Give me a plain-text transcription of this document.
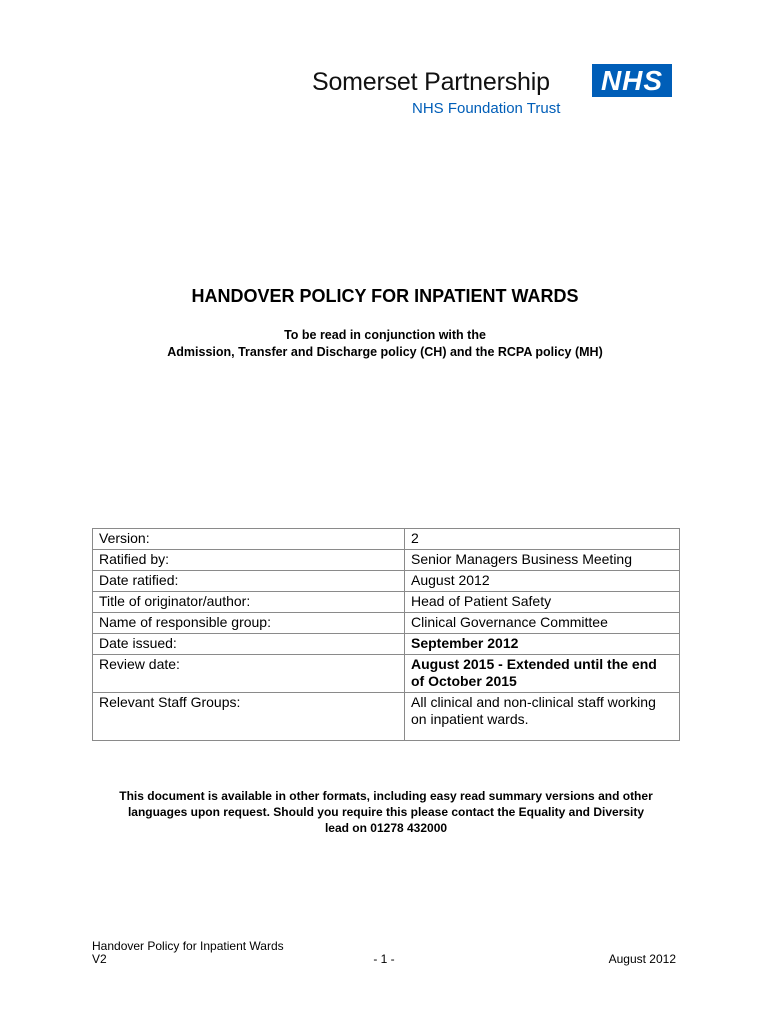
Somerset Partnership
NHS Foundation Trust
NHS
HANDOVER POLICY FOR INPATIENT WARDS
To be read in conjunction with the
Admission, Transfer and Discharge policy (CH) and the RCPA policy (MH)
Version:	2
Ratified by:	Senior Managers Business Meeting
Date ratified:	August 2012
Title of originator/author:	Head of Patient Safety
Name of responsible group:	Clinical Governance Committee
Date issued:	September 2012
Review date:	August 2015 - Extended until the end of October 2015
Relevant Staff Groups:	All clinical and non-clinical staff working on inpatient wards.
This document is available in other formats, including easy read summary versions and other
languages upon request. Should you require this please contact the Equality and Diversity
lead on 01278 432000
Handover Policy for Inpatient Wards
V2	- 1 -	August 2012
